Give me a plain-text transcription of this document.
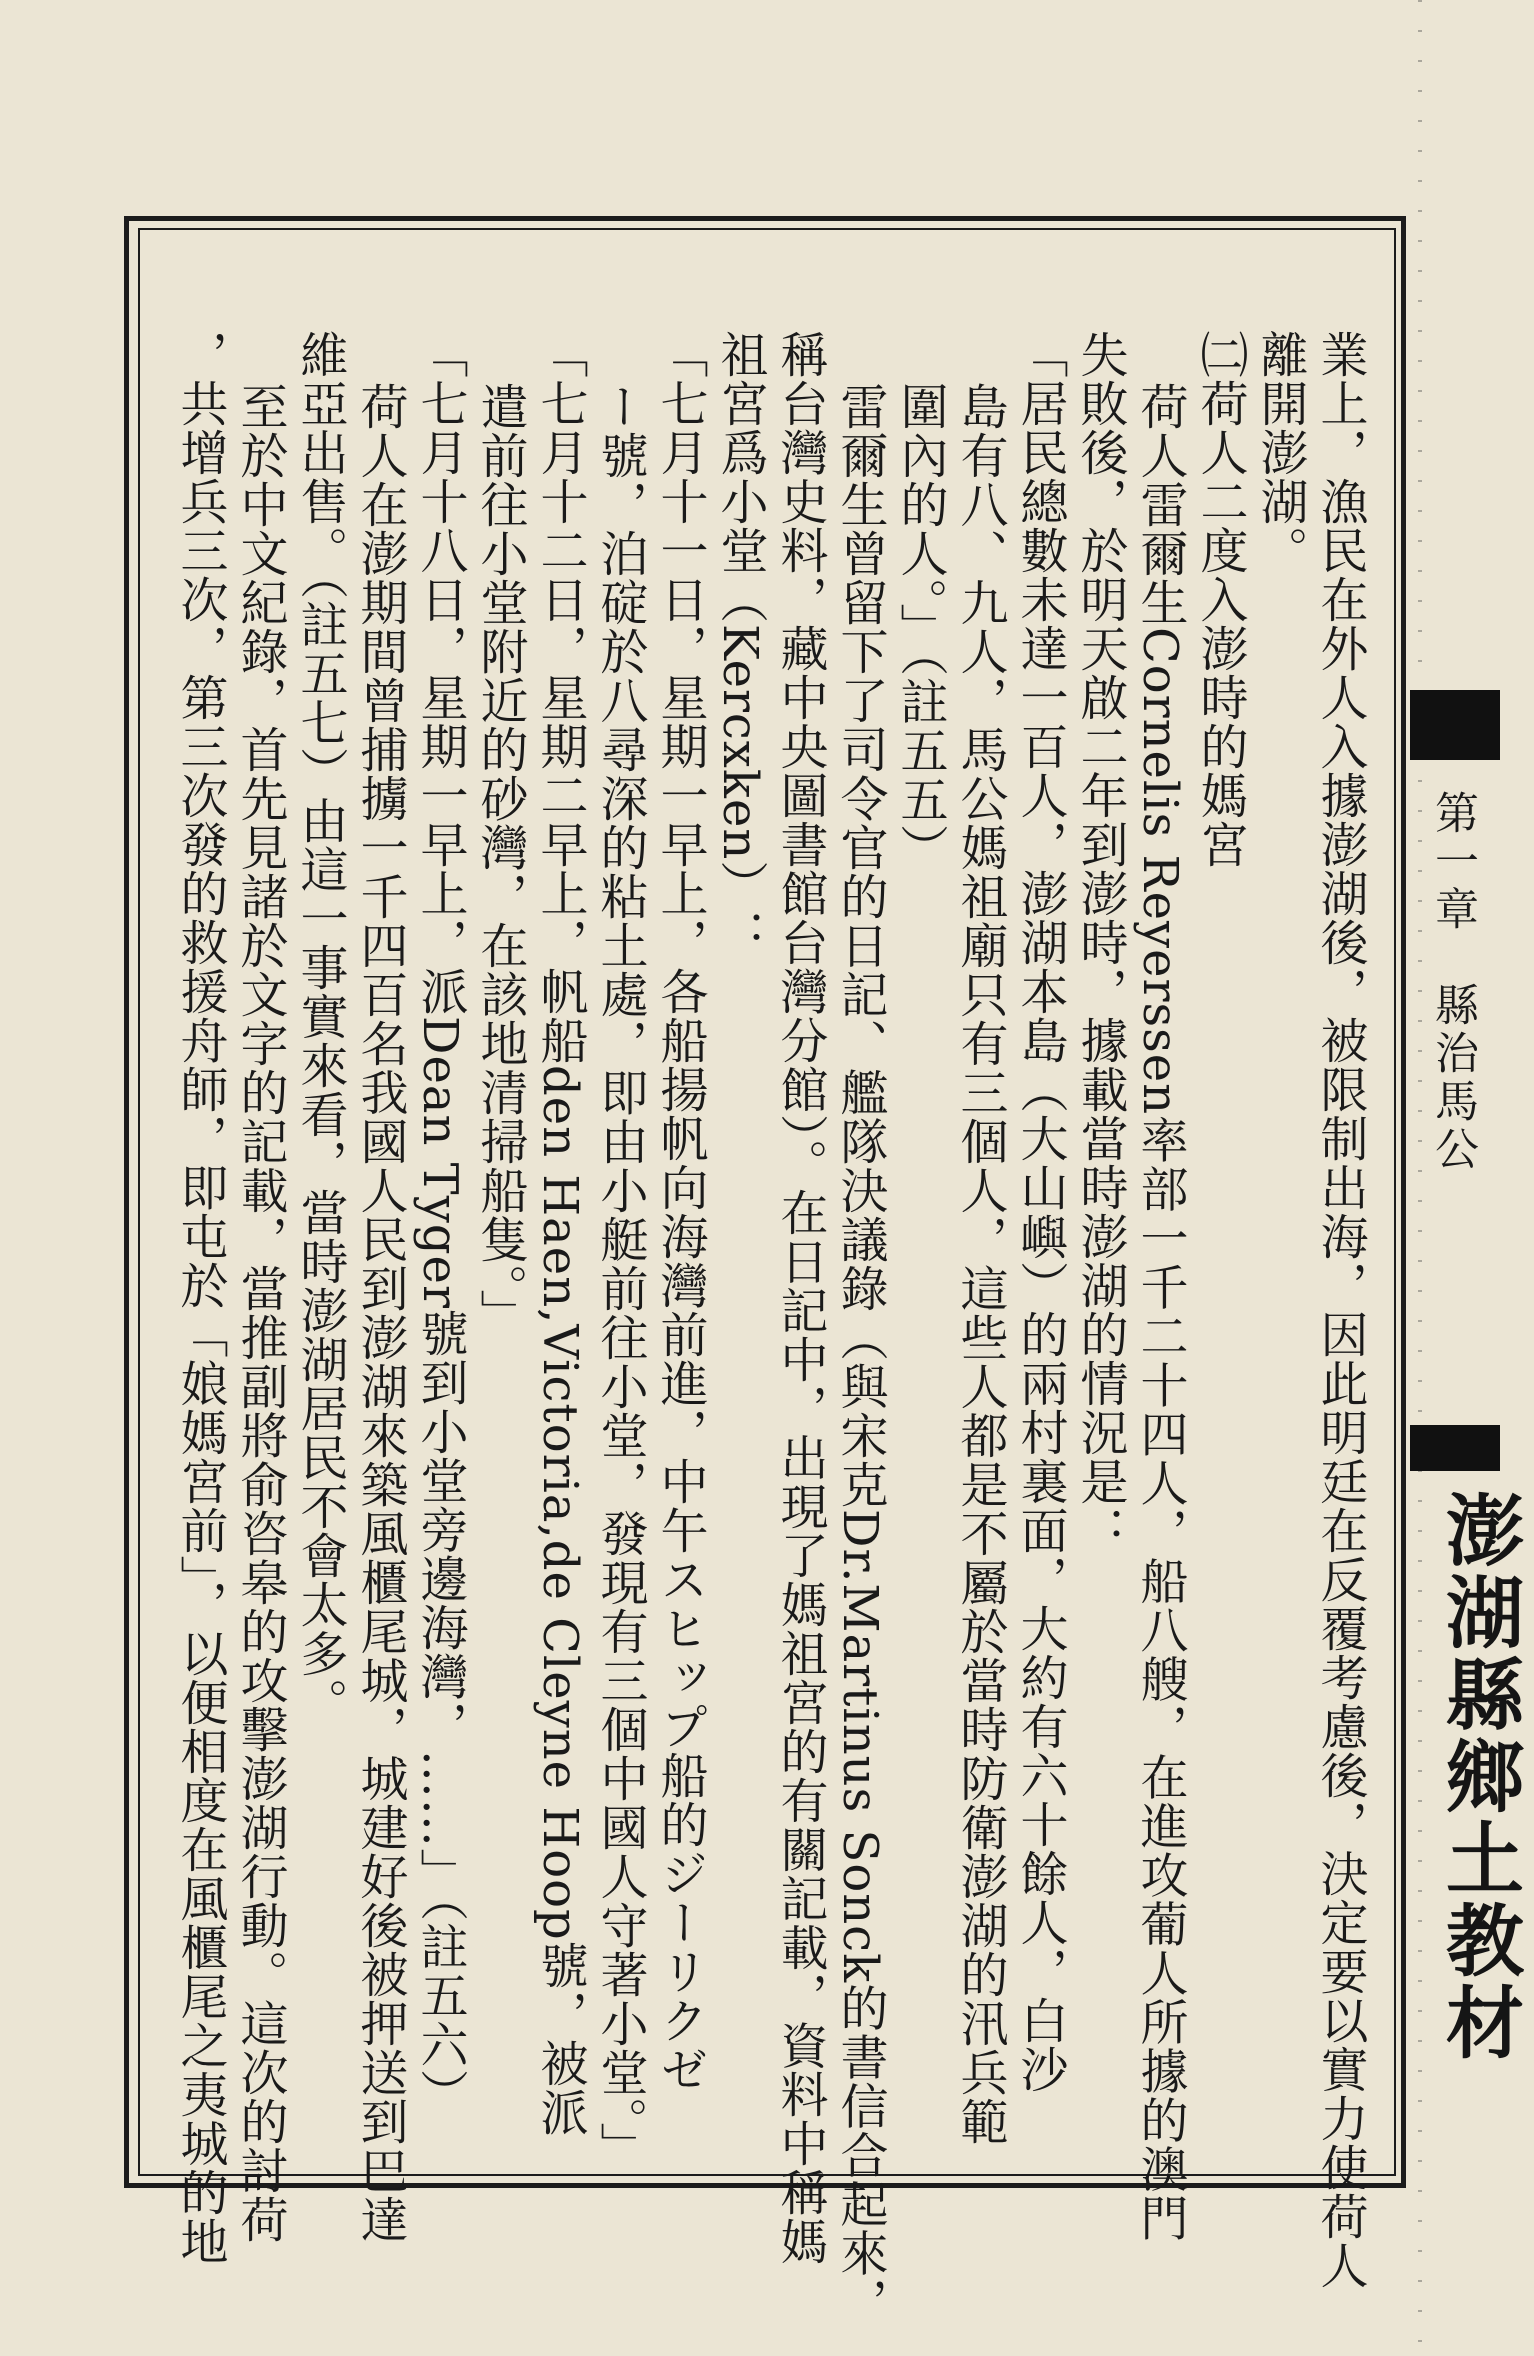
第一章　縣治馬公
澎湖縣鄉土教材
業上，漁民在外人入據澎湖後，被限制出海，因此明廷在反覆考慮後，決定要以實力使荷人
離開澎湖。
㈡荷人二度入澎時的媽宮
荷人雷爾生Cornelis Reyerssen率部一千二十四人，船八艘，在進攻葡人所據的澳門
失敗後，於明天啟二年到澎時，據載當時澎湖的情況是：
「居民總數未達一百人，澎湖本島（大山嶼）的兩村裏面，大約有六十餘人，白沙
島有八、九人，馬公媽祖廟只有三個人，這些人都是不屬於當時防衛澎湖的汛兵範
圍內的人。」（註五五）
雷爾生曾留下了司令官的日記、艦隊決議錄（與宋克Dr.Martinus Sonck的書信合起來，
稱台灣史料，藏中央圖書館台灣分館）。在日記中，出現了媽祖宮的有關記載，資料中稱媽
祖宮爲小堂（Kercxken）：
「七月十一日，星期一早上，各船揚帆向海灣前進，中午スヒップ船的ジーリクゼ
ー號，泊碇於八尋深的粘土處，即由小艇前往小堂，發現有三個中國人守著小堂。」
「七月十二日，星期二早上，帆船den Haen,Victoria,de Cleyne Hoop號，被派
遣前往小堂附近的砂灣，在該地清掃船隻。」
「七月十八日，星期一早上，派Dean Tyger號到小堂旁邊海灣，……」（註五六）
荷人在澎期間曾捕擄一千四百名我國人民到澎湖來築風櫃尾城，城建好後被押送到巴達
維亞出售。（註五七）由這一事實來看，當時澎湖居民不會太多。
至於中文紀錄，首先見諸於文字的記載，當推副將俞咨皋的攻擊澎湖行動。這次的討荷
，共增兵三次，第三次發的救援舟師，即屯於「娘媽宮前」，以便相度在風櫃尾之夷城的地
